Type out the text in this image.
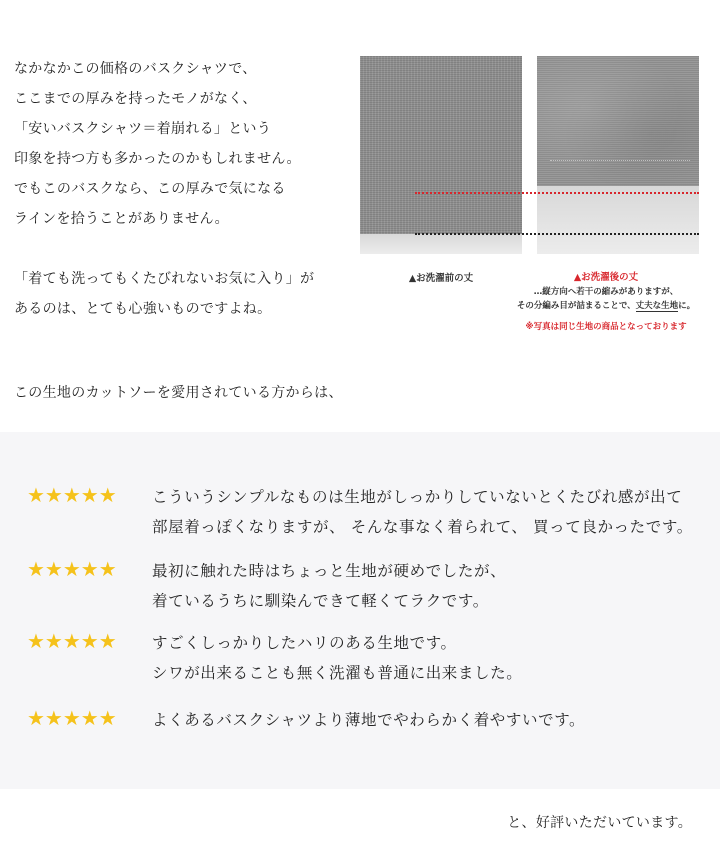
なかなかこの価格のバスクシャツで、

ここまでの厚みを持ったモノがなく、

「安いバスクシャツ＝着崩れる」という

印象を持つ方も多かったのかもしれません。

でもこのバスクなら、この厚みで気になる

ラインを拾うことがありません。

「着ても洗ってもくたびれないお気に入り」が

あるのは、とても心強いものですよね。

▲お洗濯前の丈	▲お洗濯後の丈
…縦方向へ若干の縮みがありますが、
その分編み目が詰まることで、丈夫な生地に。
※写真は同じ生地の商品となっております

この生地のカットソーを愛用されている方からは、

★★★★★ こういうシンプルなものは生地がしっかりしていないとくたびれ感が出て

部屋着っぽくなりますが、 そんな事なく着られて、 買って良かったです。

★★★★★ 最初に触れた時はちょっと生地が硬めでしたが、

着ているうちに馴染んできて軽くてラクです。

★★★★★ すごくしっかりしたハリのある生地です。

シワが出来ることも無く洗濯も普通に出来ました。

★★★★★ よくあるバスクシャツより薄地でやわらかく着やすいです。

と、好評いただいています。
